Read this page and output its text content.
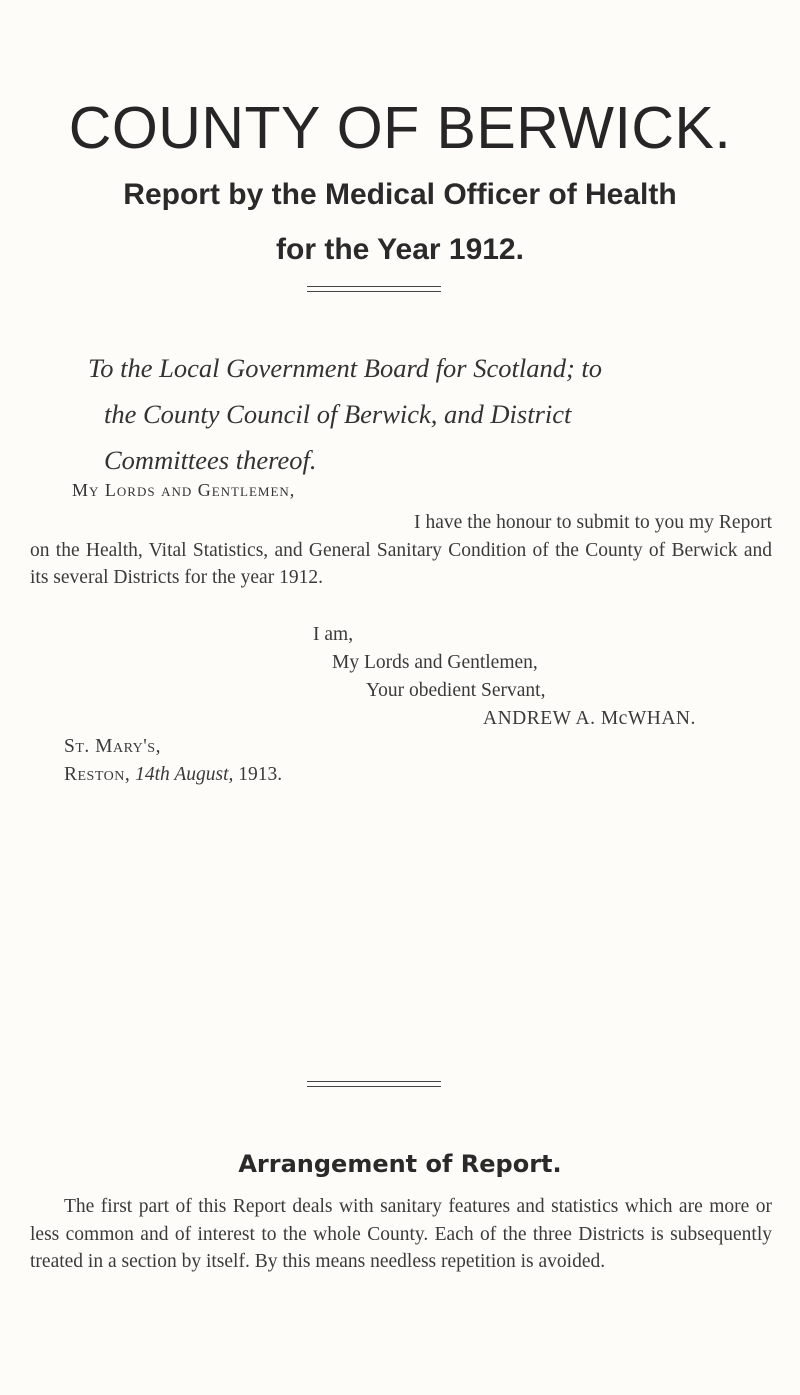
COUNTY OF BERWICK.
Report by the Medical Officer of Health
for the Year 1912.
To the Local Government Board for Scotland; to
the County Council of Berwick, and District
Committees thereof.
My Lords and Gentlemen,

I have the honour to submit to you my Report on the Health, Vital Statistics, and General Sanitary Condition of the County of Berwick and its several Districts for the year 1912.

I am,
My Lords and Gentlemen,
Your obedient Servant,
ANDREW A. McWHAN.
St. Mary's,
Reston, 14th August, 1913.
Arrangement of Report.

The first part of this Report deals with sanitary features and statistics which are more or less common and of interest to the whole County. Each of the three Districts is subsequently treated in a section by itself. By this means needless repetition is avoided.
